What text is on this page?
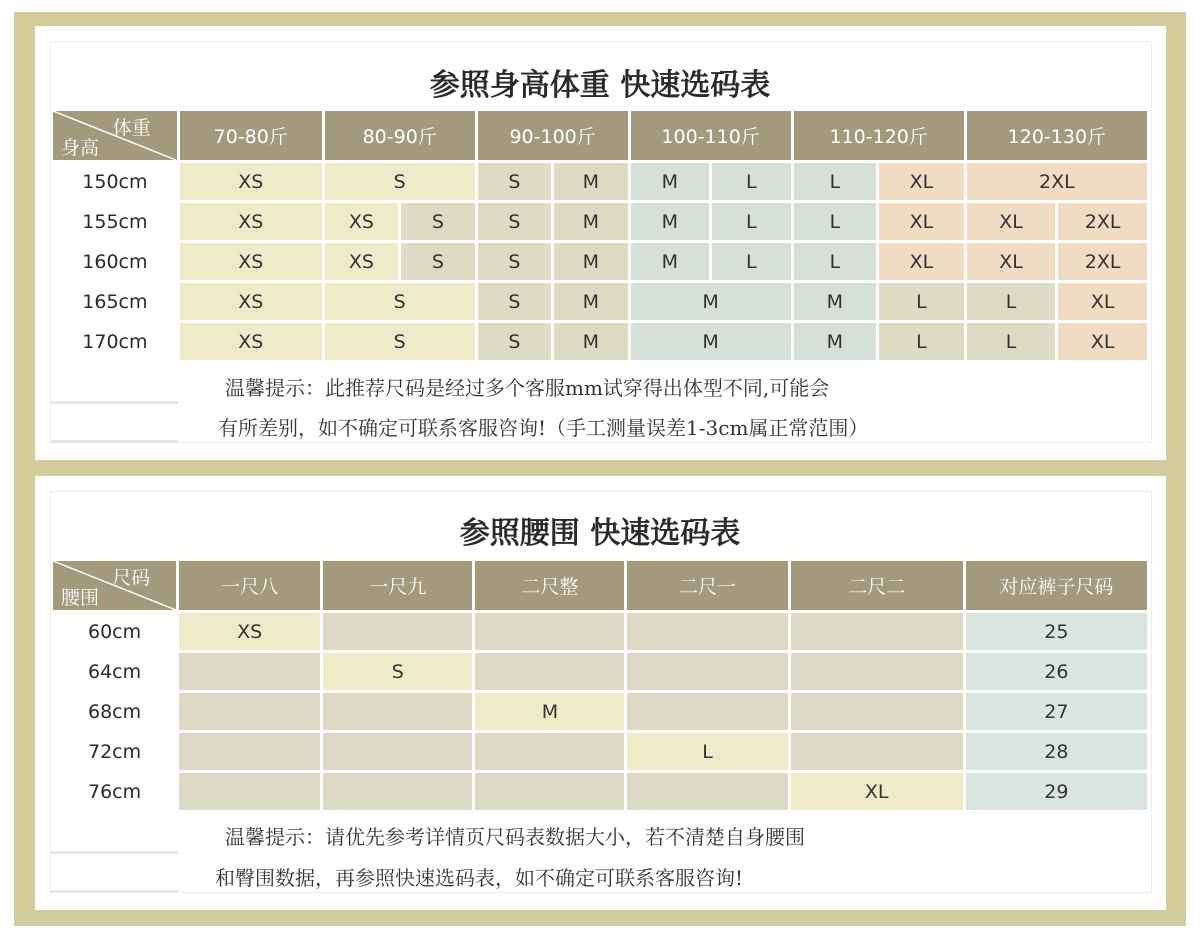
参照身高体重 快速选码表
体重
身高	70-80斤	80-90斤		90-100斤		100-110斤		110-120斤		120-130斤	
150cm	XS	S		S	M	M	L	L	XL	2XL	
155cm	XS	XS	S	S	M	M	L	L	XL	XL	2XL
160cm	XS	XS	S	S	M	M	L	L	XL	XL	2XL
165cm	XS	S		S	M	M		M	L	L	XL
170cm	XS	S		S	M	M		M	L	L	XL
温馨提示：此推荐尺码是经过多个客服mm试穿得出体型不同,可能会
有所差别，如不确定可联系客服咨询!（手工测量误差1-3cm属正常范围）
参照腰围 快速选码表
尺码
腰围	一尺八	一尺九	二尺整	二尺一	二尺二	对应裤子尺码
60cm	XS					25
64cm		S				26
68cm			M			27
72cm				L		28
76cm					XL	29
温馨提示：请优先参考详情页尺码表数据大小，若不清楚自身腰围
和臀围数据，再参照快速选码表，如不确定可联系客服咨询!
